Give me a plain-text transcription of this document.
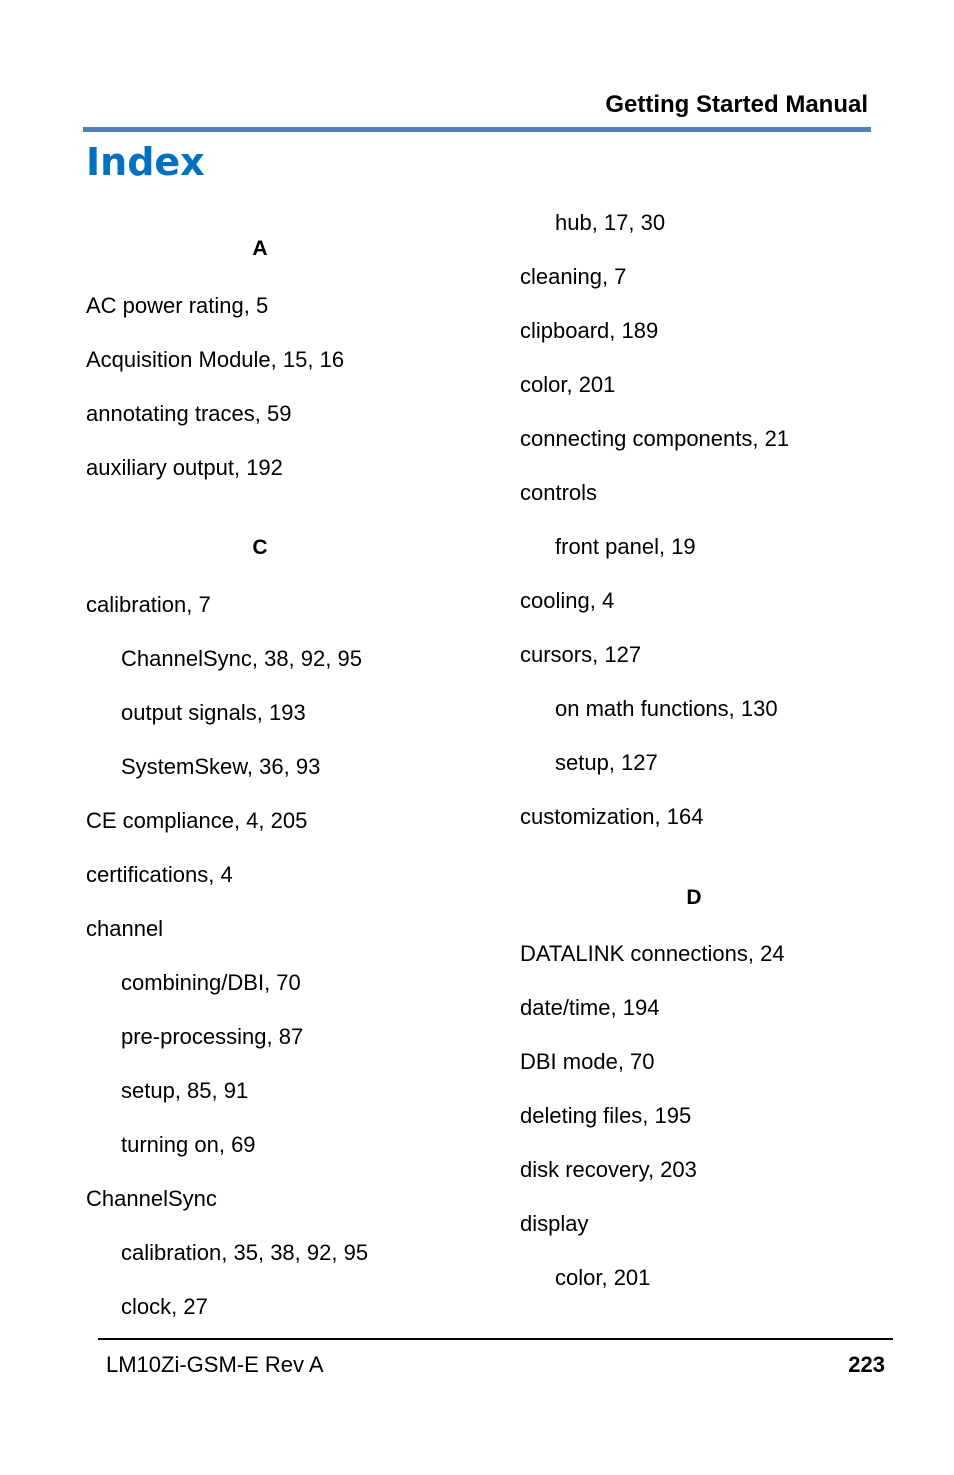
Getting Started Manual
Index
A
AC power rating, 5
Acquisition Module, 15, 16
annotating traces, 59
auxiliary output, 192
C
calibration, 7
ChannelSync, 38, 92, 95
output signals, 193
SystemSkew, 36, 93
CE compliance, 4, 205
certifications, 4
channel
combining/DBI, 70
pre-processing, 87
setup, 85, 91
turning on, 69
ChannelSync
calibration, 35, 38, 92, 95
clock, 27
hub, 17, 30
cleaning, 7
clipboard, 189
color, 201
connecting components, 21
controls
front panel, 19
cooling, 4
cursors, 127
on math functions, 130
setup, 127
customization, 164
D
DATALINK connections, 24
date/time, 194
DBI mode, 70
deleting files, 195
disk recovery, 203
display
color, 201
LM10Zi-GSM-E Rev A	223
